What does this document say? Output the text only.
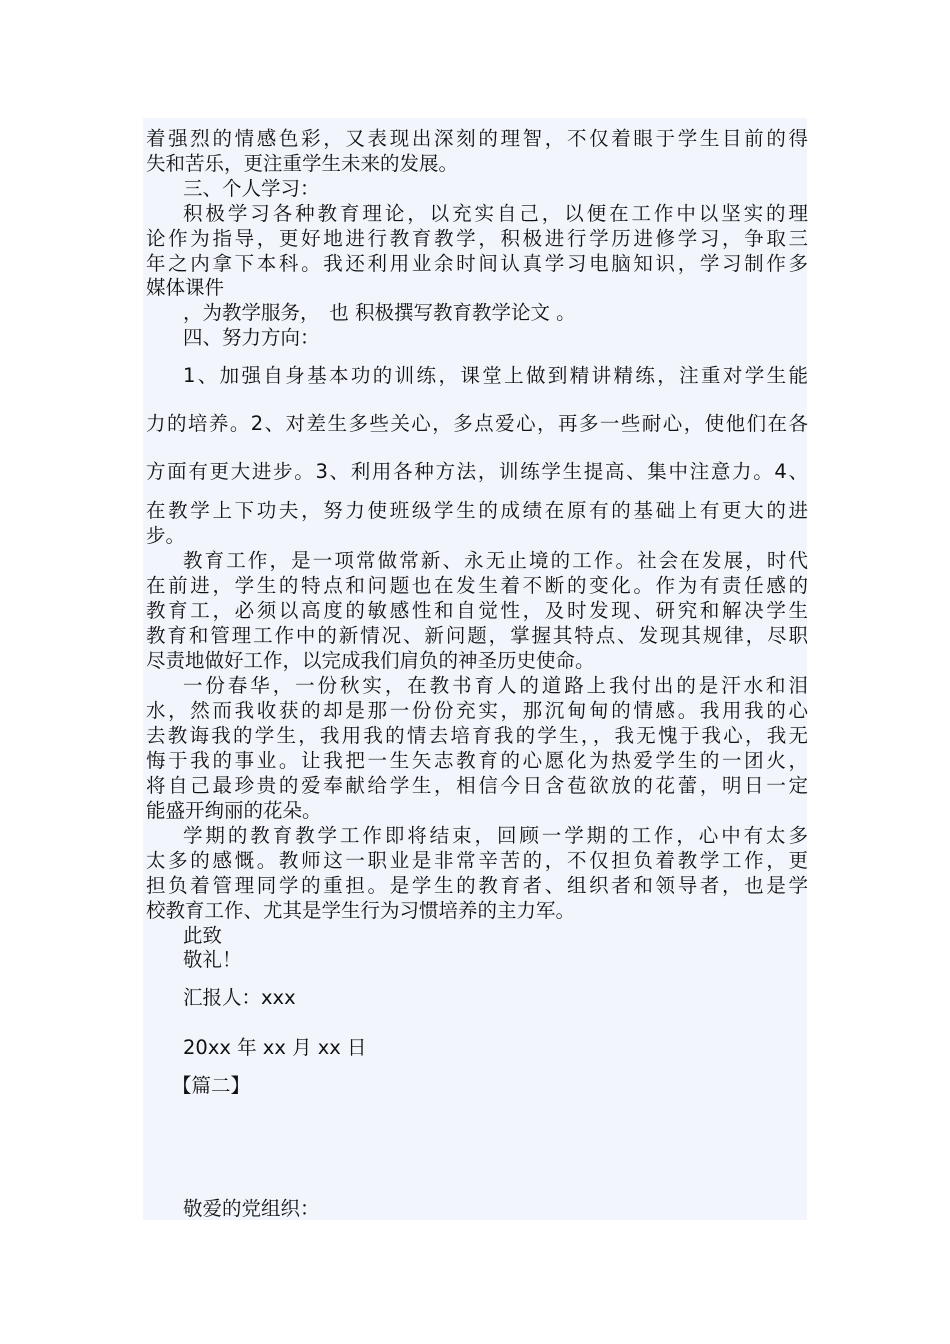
着强烈的情感色彩，又表现出深刻的理智，不仅着眼于学生目前的得

失和苦乐，更注重学生未来的发展。

三、个人学习：

积极学习各种教育理论，以充实自己，以便在工作中以坚实的理

论作为指导，更好地进行教育教学，积极进行学历进修学习，争取三

年之内拿下本科。我还利用业余时间认真学习电脑知识，学习制作多

媒体课件

，为教学服务，　也 积极撰写教育教学论文 。

四、努力方向：

1、加强自身基本功的训练，课堂上做到精讲精练，注重对学生能

力的培养。2、对差生多些关心，多点爱心，再多一些耐心，使他们在各

方面有更大进步。3、利用各种方法，训练学生提高、集中注意力。4、

在教学上下功夫，努力使班级学生的成绩在原有的基础上有更大的进

步。

教育工作，是一项常做常新、永无止境的工作。社会在发展，时代

在前进，学生的特点和问题也在发生着不断的变化。作为有责任感的

教育工，必须以高度的敏感性和自觉性，及时发现、研究和解决学生

教育和管理工作中的新情况、新问题，掌握其特点、发现其规律，尽职

尽责地做好工作，以完成我们肩负的神圣历史使命。

一份春华，一份秋实，在教书育人的道路上我付出的是汗水和泪

水，然而我收获的却是那一份份充实，那沉甸甸的情感。我用我的心

去教诲我的学生，我用我的情去培育我的学生，，我无愧于我心，我无

悔于我的事业。让我把一生矢志教育的心愿化为热爱学生的一团火，

将自己最珍贵的爱奉献给学生，相信今日含苞欲放的花蕾，明日一定

能盛开绚丽的花朵。

学期的教育教学工作即将结束，回顾一学期的工作，心中有太多

太多的感慨。教师这一职业是非常辛苦的，不仅担负着教学工作，更

担负着管理同学的重担。是学生的教育者、组织者和领导者，也是学

校教育工作、尤其是学生行为习惯培养的主力军。

此致

敬礼！

汇报人：xxx

20xx 年 xx 月 xx 日

【篇二】

敬爱的党组织：
